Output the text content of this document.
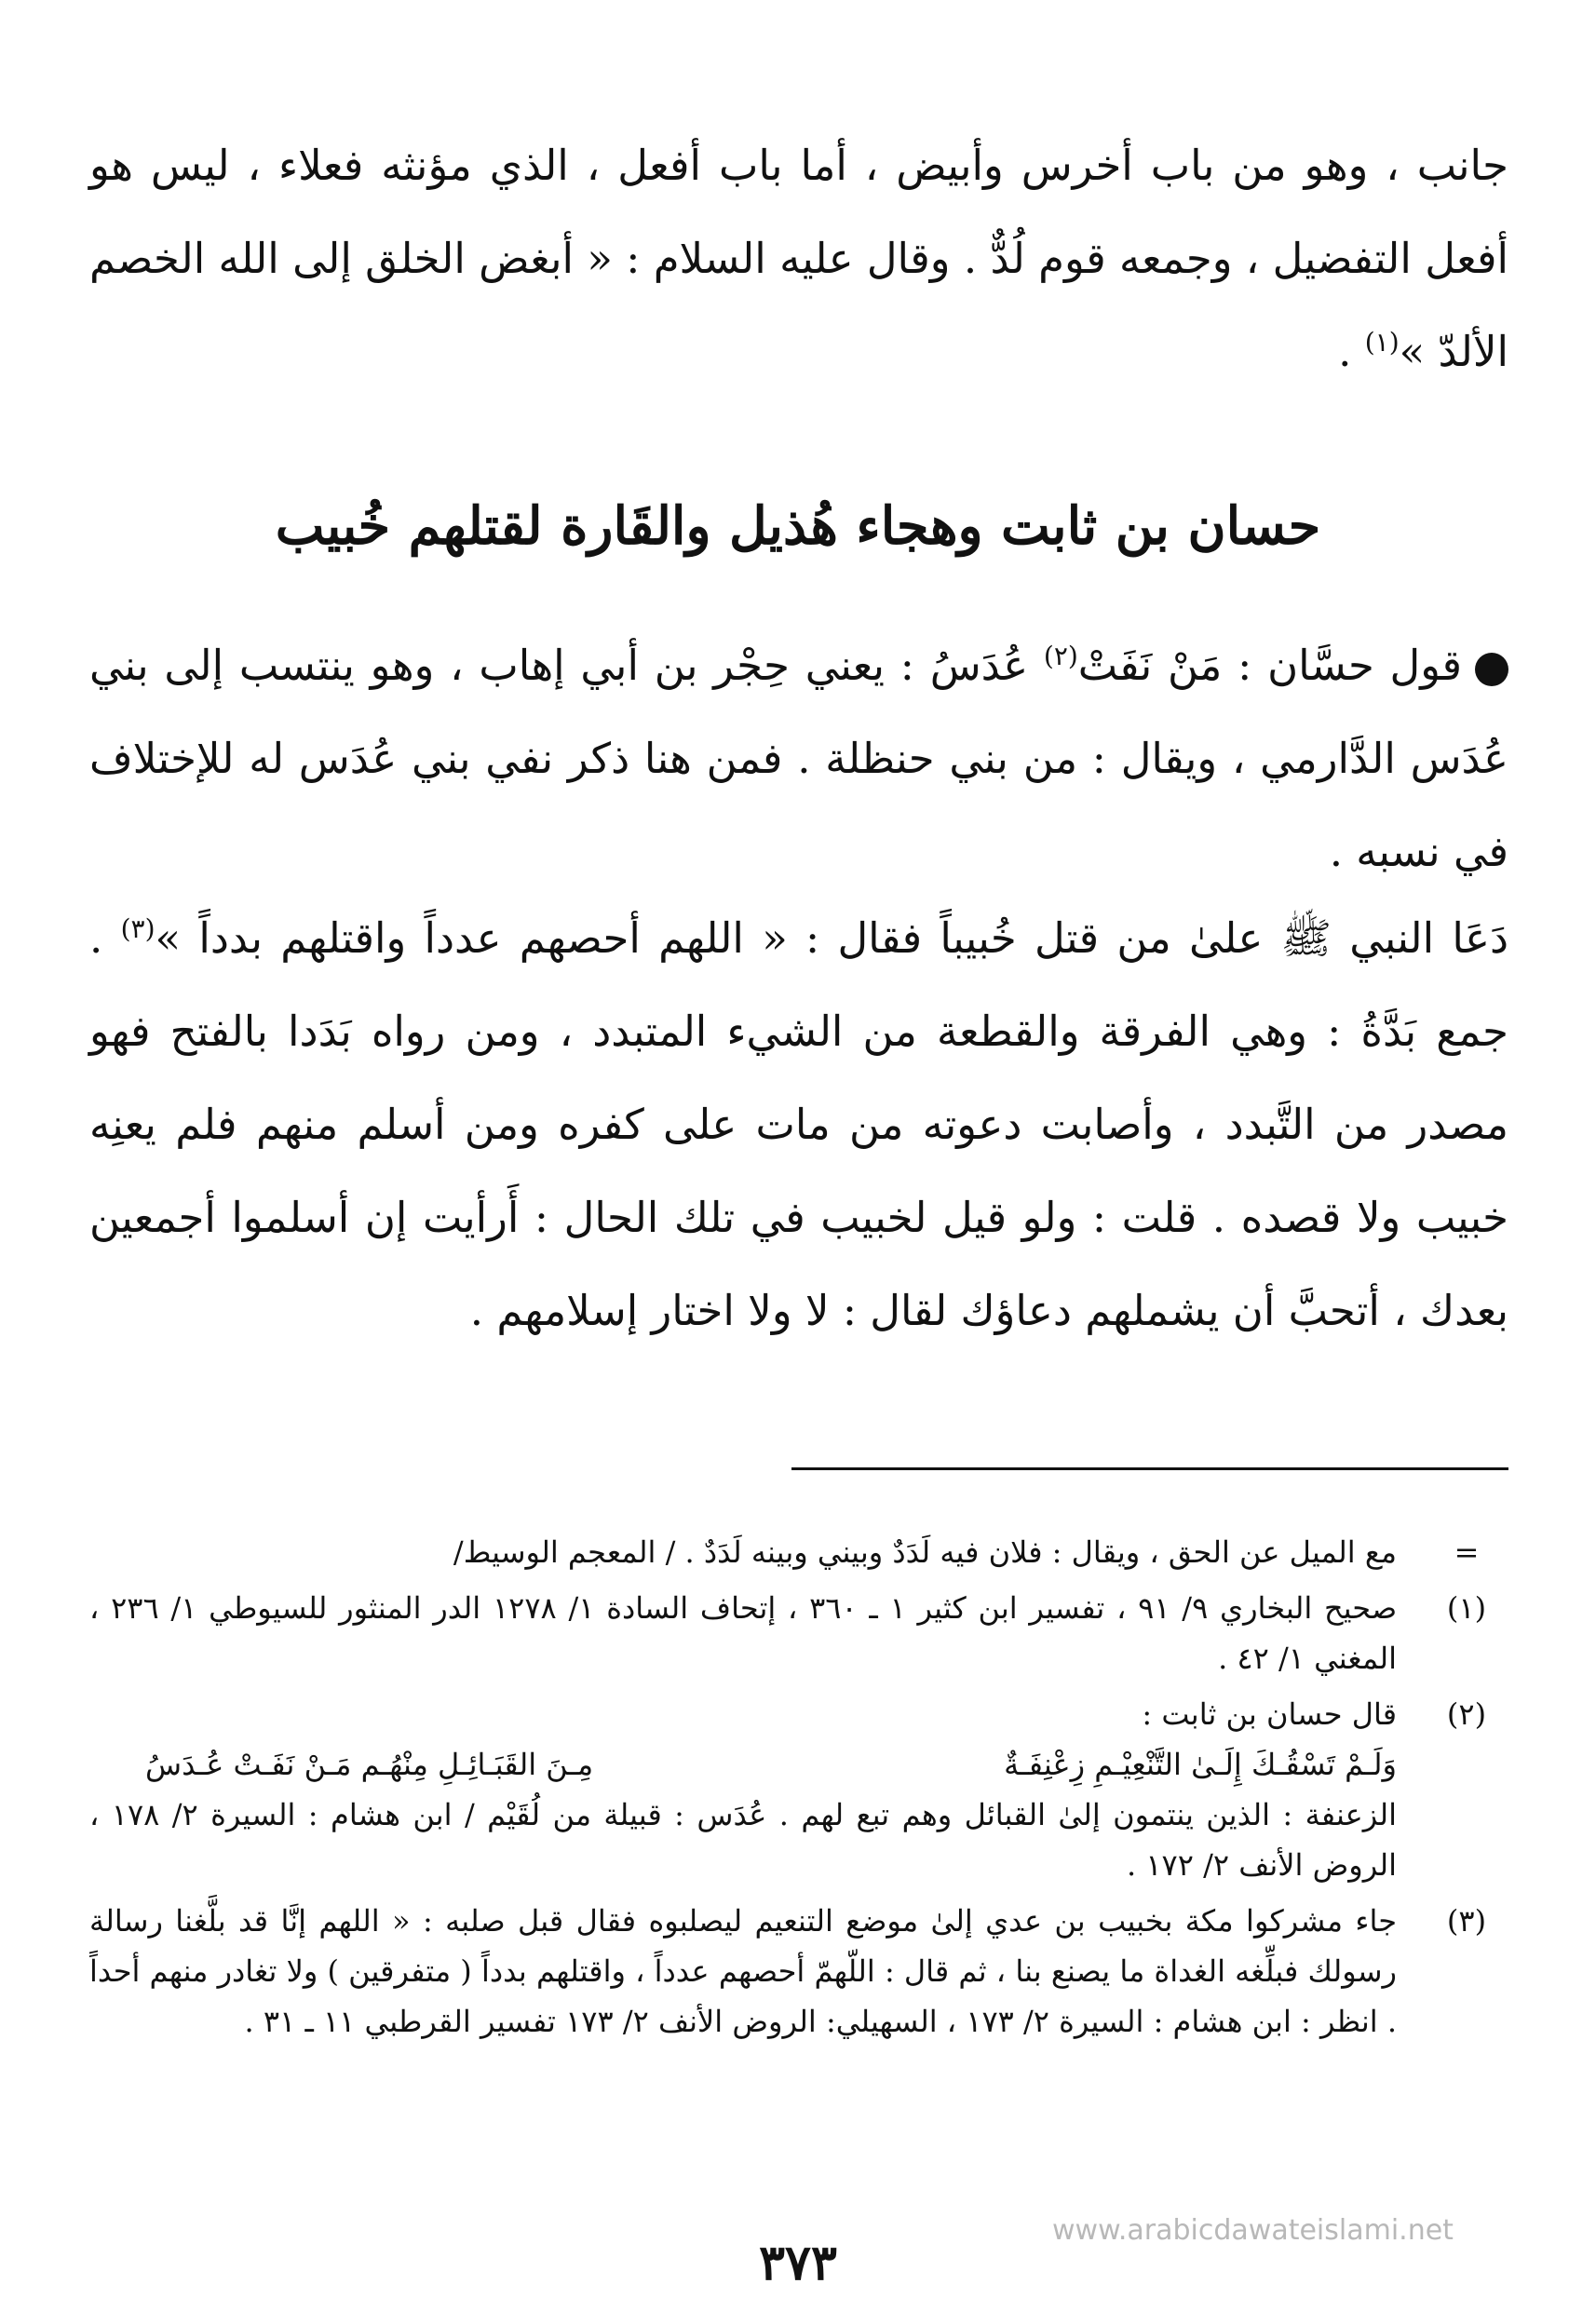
جانب ، وهو من باب أخرس وأبيض ، أما باب أفعل ، الذي مؤنثه فعلاء ، ليس هو أفعل التفضيل ، وجمعه قوم لُدٌّ . وقال عليه السلام : « أبغض الخلق إلى الله الخصم الألدّ »$^{(١)}$ .

حسان بن ثابت وهجاء هُذيل والقَارة لقتلهم خُبيب

قول حسَّان : مَنْ نَفَتْ$^{(٢)}$ عُدَسُ : يعني حِجْر بن أبي إهاب ، وهو ينتسب إلى بني عُدَس الدَّارمي ، ويقال : من بني حنظلة . فمن هنا ذكر نفي بني عُدَس له للإختلاف في نسبه .

دَعَا النبي ﷺ علىٰ من قتل خُبيباً فقال : « اللهم أحصهم عدداً واقتلهم بدداً »$^{(٣)}$ . جمع بَدَّةُ : وهي الفرقة والقطعة من الشيء المتبدد ، ومن رواه بَدَدا بالفتح فهو مصدر من التَّبدد ، وأصابت دعوته من مات على كفره ومن أسلم منهم فلم يعنِه خبيب ولا قصده . قلت : ولو قيل لخبيب في تلك الحال : أَرأيت إن أسلموا أجمعين بعدك ، أتحبَّ أن يشملهم دعاؤك لقال : لا ولا اختار إسلامهم .

=
مع الميل عن الحق ، ويقال : فلان فيه لَدَدٌ وبيني وبينه لَدَدٌ . / المعجم الوسيط/

(١)
صحيح البخاري ٩/ ٩١ ، تفسير ابن كثير ١ ـ ٣٦٠ ، إتحاف السادة ١/ ١٢٧٨ الدر المنثور للسيوطي ١/ ٢٣٦ ، المغني ١/ ٤٢ .

(٢)
قال حسان بن ثابت :
وَلَـمْ تَسْقُـكَ إِلَـىٰ التَّنْعِيْـمِ زِعْنِفَـةٌ
مِـنَ القَبَـائِـلِ مِنْهُـم مَـنْ نَفَـتْ عُـدَسُ
الزعنفة : الذين ينتمون إلىٰ القبائل وهم تبع لهم . عُدَس : قبيلة من لُقَيْم / ابن هشام : السيرة ٢/ ١٧٨ ، الروض الأنف ٢/ ١٧٢ .

(٣)
جاء مشركوا مكة بخبيب بن عدي إلىٰ موضع التنعيم ليصلبوه فقال قبل صلبه : « اللهم إنَّا قد بلَّغنا رسالة رسولك فبلِّغه الغداة ما يصنع بنا ، ثم قال : اللّهمّ أحصهم عدداً ، واقتلهم بدداً ( متفرقين ) ولا تغادر منهم أحداً . انظر : ابن هشام : السيرة ٢/ ١٧٣ ، السهيلي: الروض الأنف ٢/ ١٧٣ تفسير القرطبي ١١ ـ ٣١ .

www.arabicdawateislami.net
٣٧٣
